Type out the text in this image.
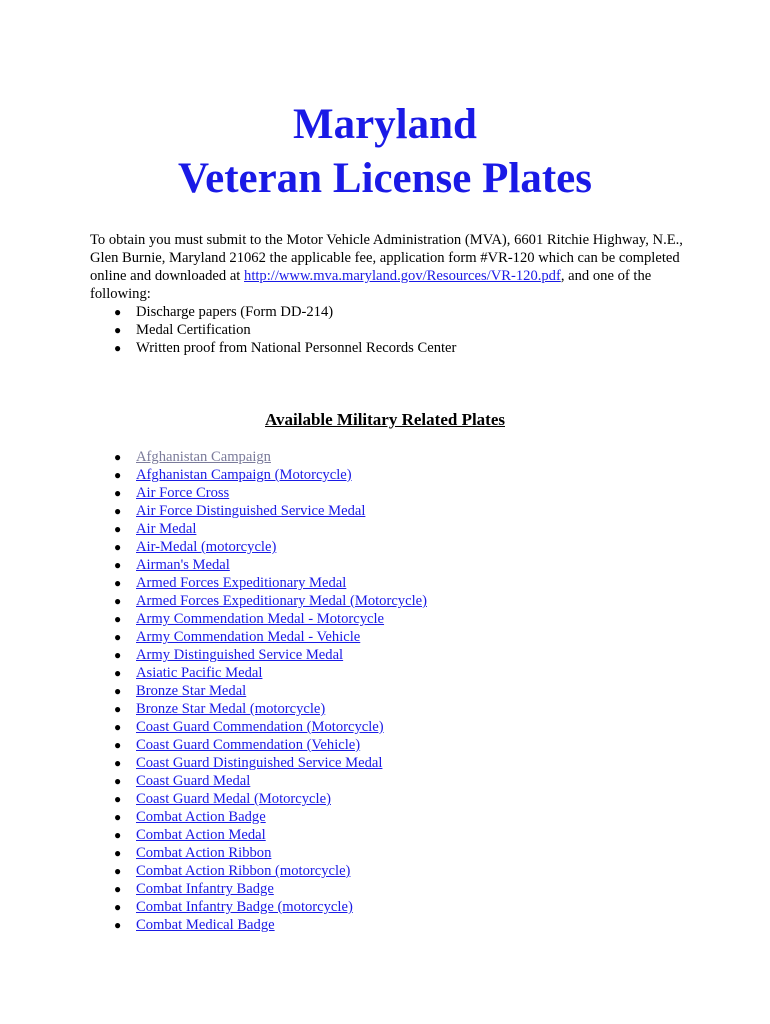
Maryland
Veteran License Plates

To obtain you must submit to the Motor Vehicle Administration (MVA), 6601 Ritchie Highway, N.E., Glen Burnie, Maryland 21062 the applicable fee, application form #VR-120 which can be completed online and downloaded at http://www.mva.maryland.gov/Resources/VR-120.pdf, and one of the following:

● Discharge papers (Form DD-214)
● Medal Certification
● Written proof from National Personnel Records Center
Available Military Related Plates
● Afghanistan Campaign
● Afghanistan Campaign (Motorcycle)
● Air Force Cross
● Air Force Distinguished Service Medal
● Air Medal
● Air-Medal (motorcycle)
● Airman's Medal
● Armed Forces Expeditionary Medal
● Armed Forces Expeditionary Medal (Motorcycle)
● Army Commendation Medal - Motorcycle
● Army Commendation Medal - Vehicle
● Army Distinguished Service Medal
● Asiatic Pacific Medal
● Bronze Star Medal
● Bronze Star Medal (motorcycle)
● Coast Guard Commendation (Motorcycle)
● Coast Guard Commendation (Vehicle)
● Coast Guard Distinguished Service Medal
● Coast Guard Medal
● Coast Guard Medal (Motorcycle)
● Combat Action Badge
● Combat Action Medal
● Combat Action Ribbon
● Combat Action Ribbon (motorcycle)
● Combat Infantry Badge
● Combat Infantry Badge (motorcycle)
● Combat Medical Badge
